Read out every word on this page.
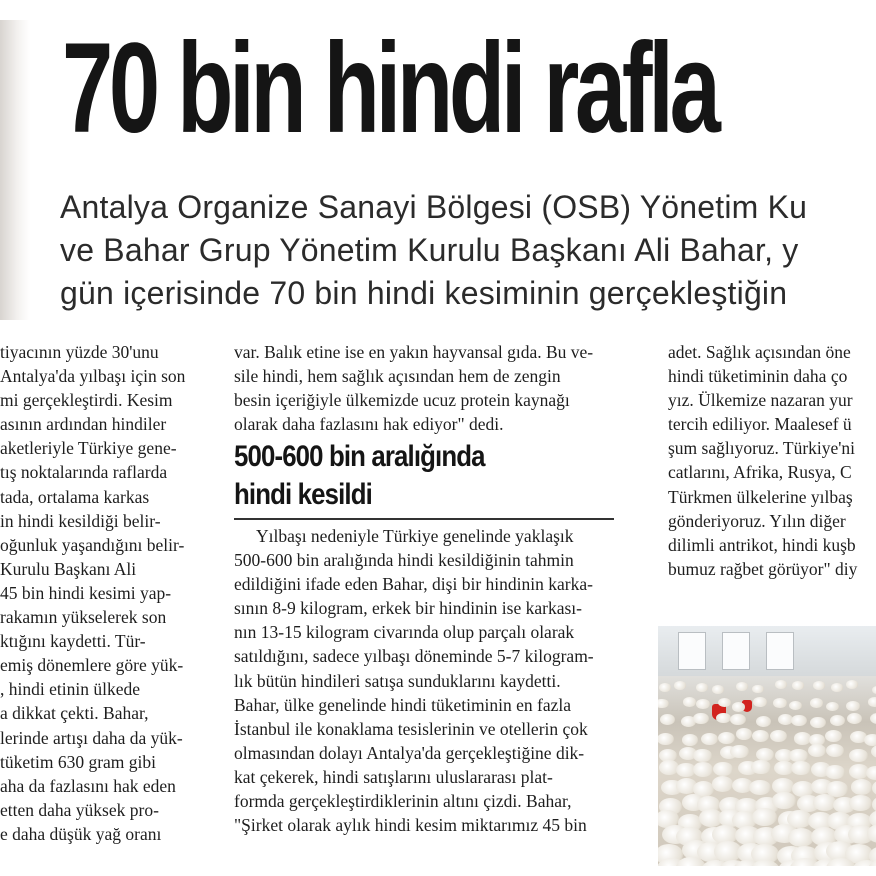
70 bin hindi rafla
Antalya Organize Sanayi Bölgesi (OSB) Yönetim Ku
ve Bahar Grup Yönetim Kurulu Başkanı Ali Bahar, y
gün içerisinde 70 bin hindi kesiminin gerçekleştiğin
tiyacının yüzde 30'unu
Antalya'da yılbaşı için son
mi gerçekleştirdi. Kesim
asının ardından hindiler
aketleriyle Türkiye gene-
tış noktalarında raflarda
tada, ortalama karkas
in hindi kesildiği belir-
oğunluk yaşandığını belir-
Kurulu Başkanı Ali
45 bin hindi kesimi yap-
rakamın yükselerek son
ktığını kaydetti. Tür-
emiş dönemlere göre yük-
, hindi etinin ülkede
a dikkat çekti. Bahar,
lerinde artışı daha da yük-
tüketim 630 gram gibi
aha da fazlasını hak eden
etten daha yüksek pro-
e daha düşük yağ oranı
var. Balık etine ise en yakın hayvansal gıda. Bu ve-
sile hindi, hem sağlık açısından hem de zengin
besin içeriğiyle ülkemizde ucuz protein kaynağı
olarak daha fazlasını hak ediyor" dedi.
Yılbaşı nedeniyle Türkiye genelinde yaklaşık
500-600 bin aralığında hindi kesildiğinin tahmin
edildiğini ifade eden Bahar, dişi bir hindinin karka-
sının 8-9 kilogram, erkek bir hindinin ise karkası-
nın 13-15 kilogram civarında olup parçalı olarak
satıldığını, sadece yılbaşı döneminde 5-7 kilogram-
lık bütün hindileri satışa sunduklarını kaydetti.
Bahar, ülke genelinde hindi tüketiminin en fazla
İstanbul ile konaklama tesislerinin ve otellerin çok
olmasından dolayı Antalya'da gerçekleştiğine dik-
kat çekerek, hindi satışlarını uluslararası plat-
formda gerçekleştirdiklerinin altını çizdi. Bahar,
"Şirket olarak aylık hindi kesim miktarımız 45 bin
500-600 bin aralığında
hindi kesildi
adet. Sağlık açısından öne
hindi tüketiminin daha ço
yız. Ülkemize nazaran yur
tercih ediliyor. Maalesef ü
şum sağlıyoruz. Türkiye'ni
catlarını, Afrika, Rusya, C
Türkmen ülkelerine yılbaş
gönderiyoruz. Yılın diğer
dilimli antrikot, hindi kuşb
bumuz rağbet görüyor" diy
